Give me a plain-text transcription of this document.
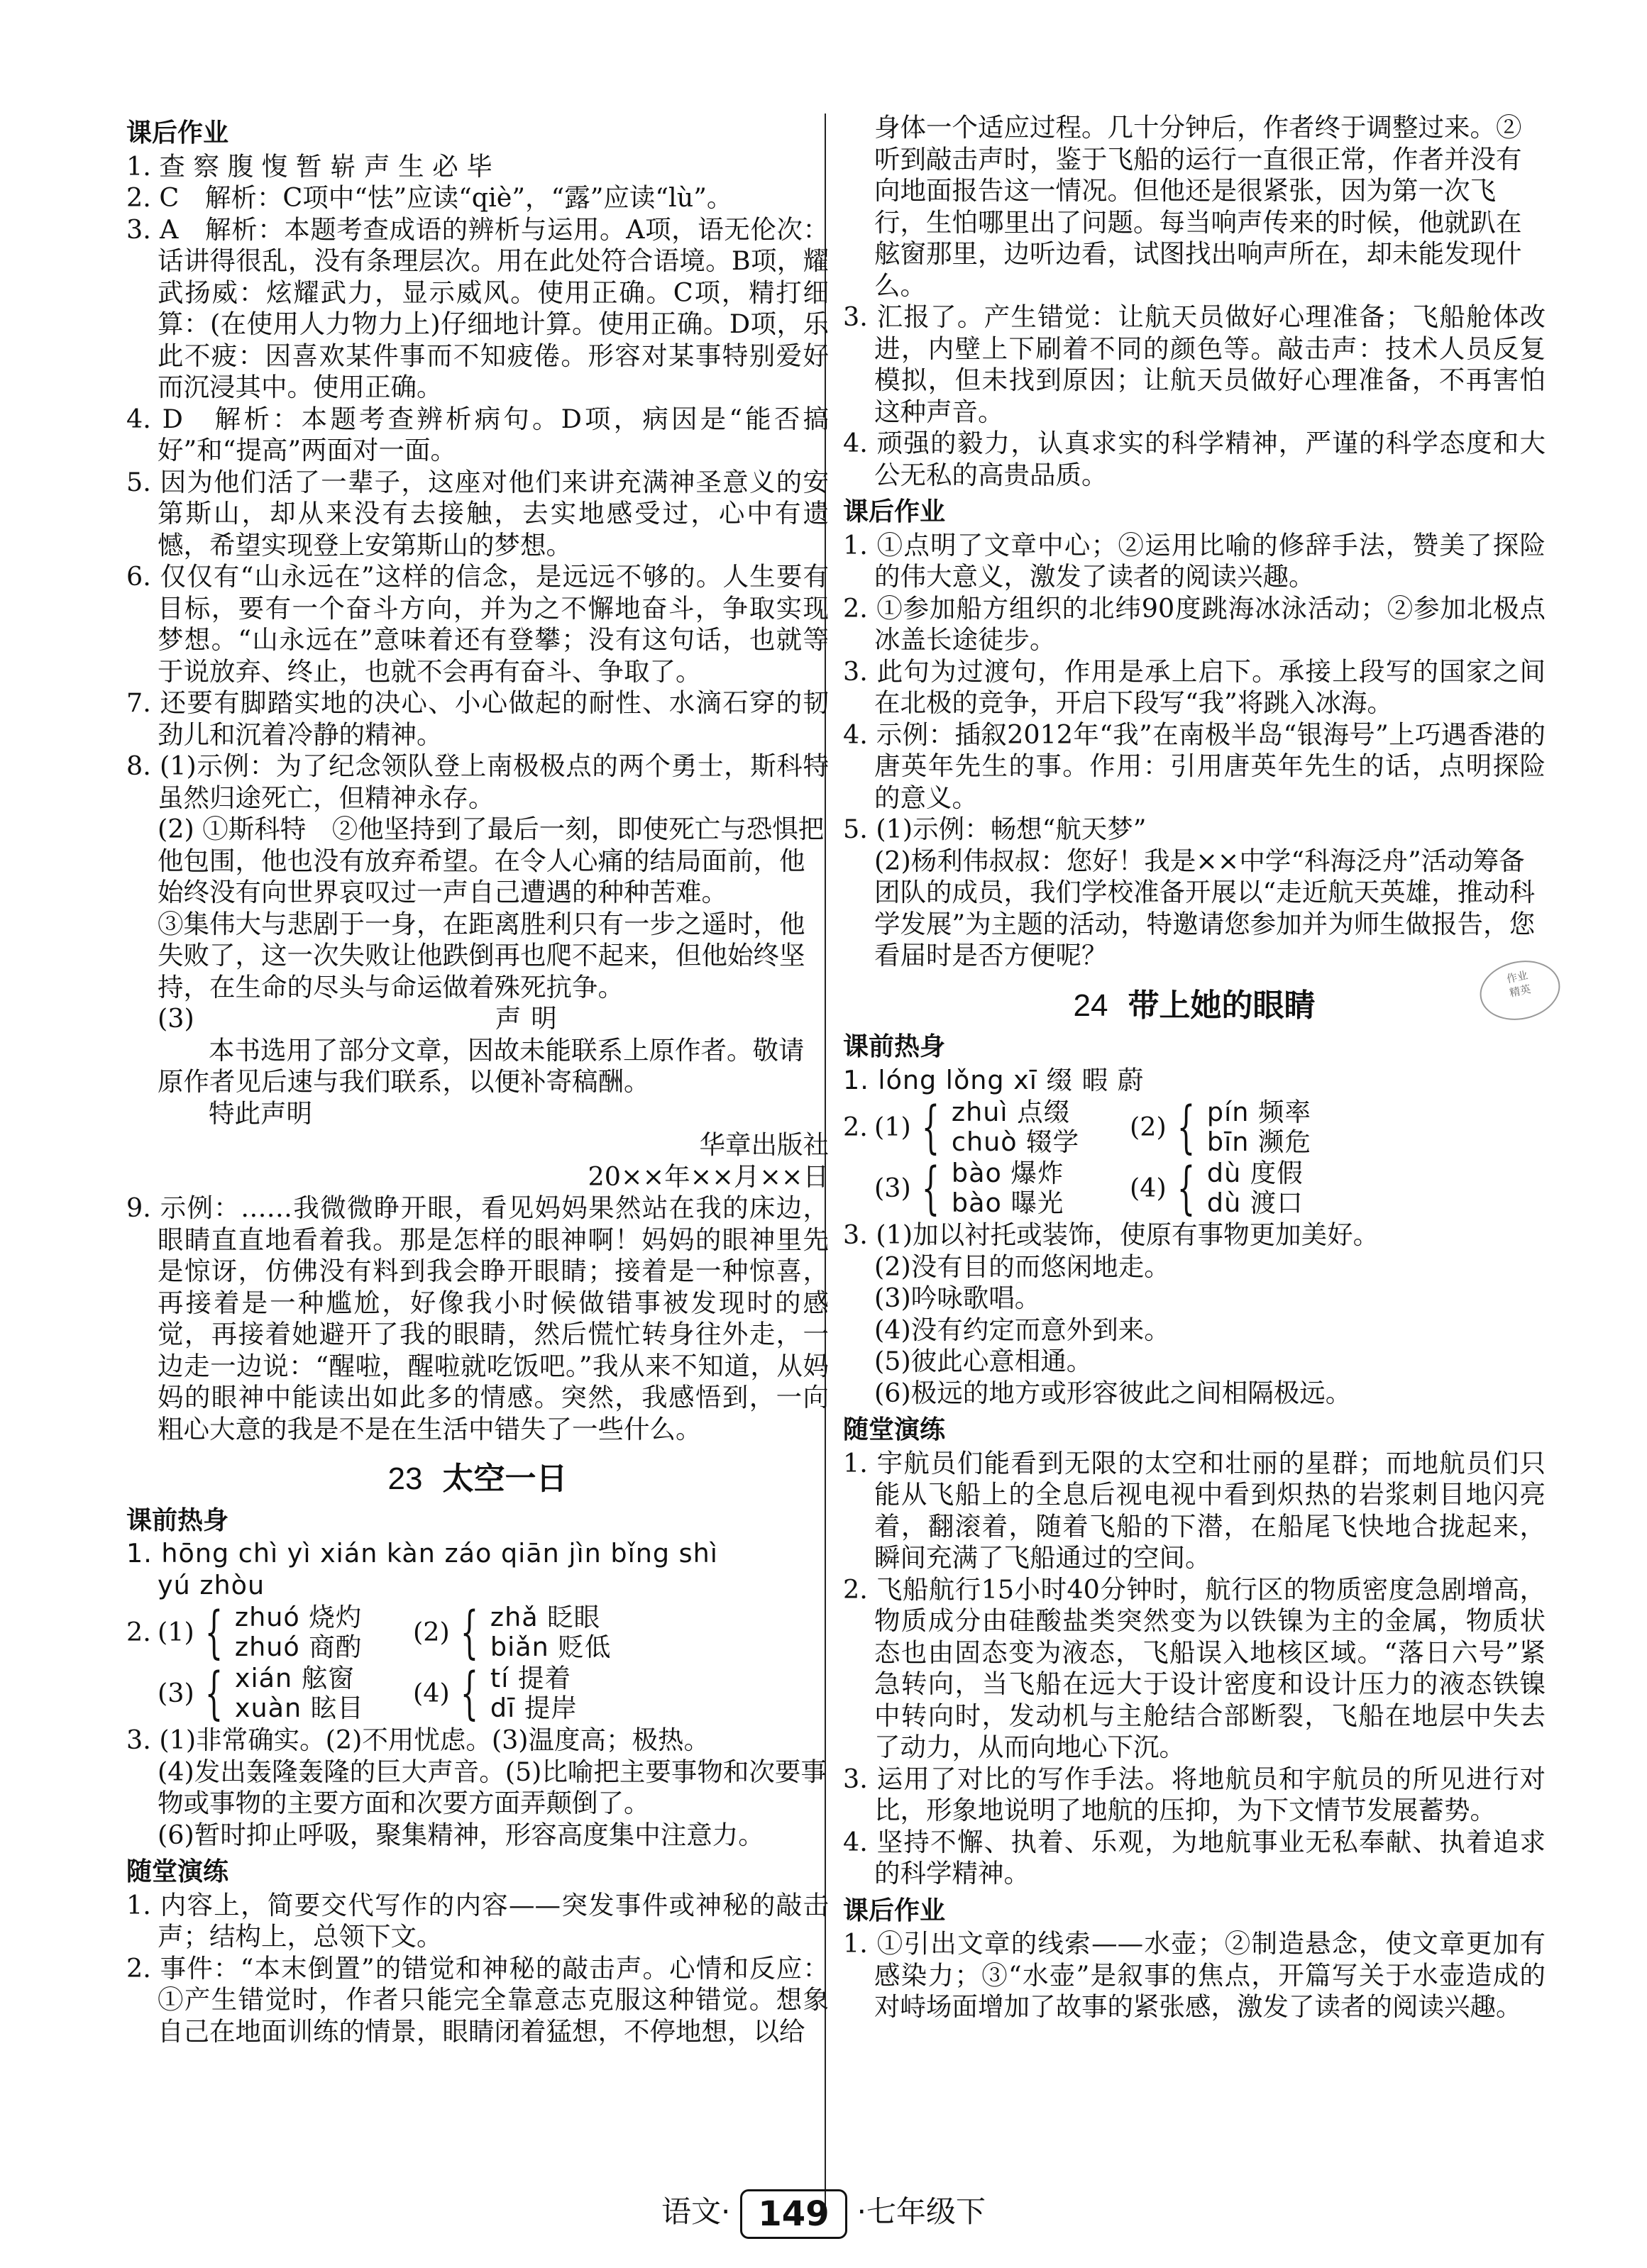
课后作业

1. 查 察 腹 愎 暂 崭 声 生 必 毕

2. C　解析：C项中“怯”应读“qiè”，“露”应读“lù”。

3. A　解析：本题考查成语的辨析与运用。A项，语无伦次：话讲得很乱，没有条理层次。用在此处符合语境。B项，耀武扬威：炫耀武力，显示威风。使用正确。C项，精打细算：(在使用人力物力上)仔细地计算。使用正确。D项，乐此不疲：因喜欢某件事而不知疲倦。形容对某事特别爱好而沉浸其中。使用正确。

4. D　解析：本题考查辨析病句。D项，病因是“能否搞好”和“提高”两面对一面。

5. 因为他们活了一辈子，这座对他们来讲充满神圣意义的安第斯山，却从来没有去接触，去实地感受过，心中有遗憾，希望实现登上安第斯山的梦想。

6. 仅仅有“山永远在”这样的信念，是远远不够的。人生要有目标，要有一个奋斗方向，并为之不懈地奋斗，争取实现梦想。“山永远在”意味着还有登攀；没有这句话，也就等于说放弃、终止，也就不会再有奋斗、争取了。

7. 还要有脚踏实地的决心、小心做起的耐性、水滴石穿的韧劲儿和沉着冷静的精神。

8. (1)示例：为了纪念领队登上南极极点的两个勇士，斯科特虽然归途死亡，但精神永存。

(2) ①斯科特　②他坚持到了最后一刻，即使死亡与恐惧把他包围，他也没有放弃希望。在令人心痛的结局面前，他始终没有向世界哀叹过一声自己遭遇的种种苦难。

③集伟大与悲剧于一身，在距离胜利只有一步之遥时，他失败了，这一次失败让他跌倒再也爬不起来，但他始终坚持，在生命的尽头与命运做着殊死抗争。

(3)	声明

本书选用了部分文章，因故未能联系上原作者。敬请原作者见后速与我们联系，以便补寄稿酬。

特此声明

华章出版社

20××年××月××日

9. 示例：……我微微睁开眼，看见妈妈果然站在我的床边，眼睛直直地看着我。那是怎样的眼神啊！妈妈的眼神里先是惊讶，仿佛没有料到我会睁开眼睛；接着是一种惊喜，再接着是一种尴尬，好像我小时候做错事被发现时的感觉，再接着她避开了我的眼睛，然后慌忙转身往外走，一边走一边说：“醒啦，醒啦就吃饭吧。”我从来不知道，从妈妈的眼神中能读出如此多的情感。突然，我感悟到，一向粗心大意的我是不是在生活中错失了一些什么。

23 太空一日
课前热身

1. hōng chì yì xián kàn záo qiān jìn bǐng shì

yú zhòu

2. (1) { zhuó 烧灼
zhuó 商酌 (2) { zhǎ 眨眼
biǎn 贬低
(3) { xián 舷窗
xuàn 眩目 (4) { tí 提着
dī 提岸

3. (1)非常确实。(2)不用忧虑。(3)温度高；极热。

(4)发出轰隆轰隆的巨大声音。(5)比喻把主要事物和次要事物或事物的主要方面和次要方面弄颠倒了。

(6)暂时抑止呼吸，聚集精神，形容高度集中注意力。

随堂演练

1. 内容上，简要交代写作的内容——突发事件或神秘的敲击声；结构上，总领下文。

2. 事件：“本末倒置”的错觉和神秘的敲击声。心情和反应：①产生错觉时，作者只能完全靠意志克服这种错觉。想象自己在地面训练的情景，眼睛闭着猛想，不停地想，以给

身体一个适应过程。几十分钟后，作者终于调整过来。②听到敲击声时，鉴于飞船的运行一直很正常，作者并没有向地面报告这一情况。但他还是很紧张，因为第一次飞行，生怕哪里出了问题。每当响声传来的时候，他就趴在舷窗那里，边听边看，试图找出响声所在，却未能发现什么。

3. 汇报了。产生错觉：让航天员做好心理准备；飞船舱体改进，内壁上下刷着不同的颜色等。敲击声：技术人员反复模拟，但未找到原因；让航天员做好心理准备，不再害怕这种声音。

4. 顽强的毅力，认真求实的科学精神，严谨的科学态度和大公无私的高贵品质。

课后作业

1. ①点明了文章中心；②运用比喻的修辞手法，赞美了探险的伟大意义，激发了读者的阅读兴趣。

2. ①参加船方组织的北纬90度跳海冰泳活动；②参加北极点冰盖长途徒步。

3. 此句为过渡句，作用是承上启下。承接上段写的国家之间在北极的竞争，开启下段写“我”将跳入冰海。

4. 示例：插叙2012年“我”在南极半岛“银海号”上巧遇香港的唐英年先生的事。作用：引用唐英年先生的话，点明探险的意义。

5. (1)示例：畅想“航天梦”

(2)杨利伟叔叔：您好！我是××中学“科海泛舟”活动筹备团队的成员，我们学校准备开展以“走近航天英雄，推动科学发展”为主题的活动，特邀请您参加并为师生做报告，您看届时是否方便呢？

24 带上她的眼睛
课前热身

1. lóng lǒng xī 缀 暇 蔚

2. (1) { zhuì 点缀
chuò 辍学 (2) { pín 频率
bīn 濒危
(3) { bào 爆炸
bào 曝光	(4) { dù 度假
dù 渡口

3. (1)加以衬托或装饰，使原有事物更加美好。

(2)没有目的而悠闲地走。

(3)吟咏歌唱。

(4)没有约定而意外到来。

(5)彼此心意相通。

(6)极远的地方或形容彼此之间相隔极远。

随堂演练

1. 宇航员们能看到无限的太空和壮丽的星群；而地航员们只能从飞船上的全息后视电视中看到炽热的岩浆刺目地闪亮着，翻滚着，随着飞船的下潜，在船尾飞快地合拢起来，瞬间充满了飞船通过的空间。

2. 飞船航行15小时40分钟时，航行区的物质密度急剧增高，物质成分由硅酸盐类突然变为以铁镍为主的金属，物质状态也由固态变为液态，飞船误入地核区域。“落日六号”紧急转向，当飞船在远大于设计密度和设计压力的液态铁镍中转向时，发动机与主舱结合部断裂，飞船在地层中失去了动力，从而向地心下沉。

3. 运用了对比的写作手法。将地航员和宇航员的所见进行对比，形象地说明了地航的压抑，为下文情节发展蓄势。

4. 坚持不懈、执着、乐观，为地航事业无私奉献、执着追求的科学精神。

课后作业

1. ①引出文章的线索——水壶；②制造悬念，使文章更加有感染力；③“水壶”是叙事的焦点，开篇写关于水壶造成的对峙场面增加了故事的紧张感，激发了读者的阅读兴趣。

作业
精英
语文· 149 ·七年级下
